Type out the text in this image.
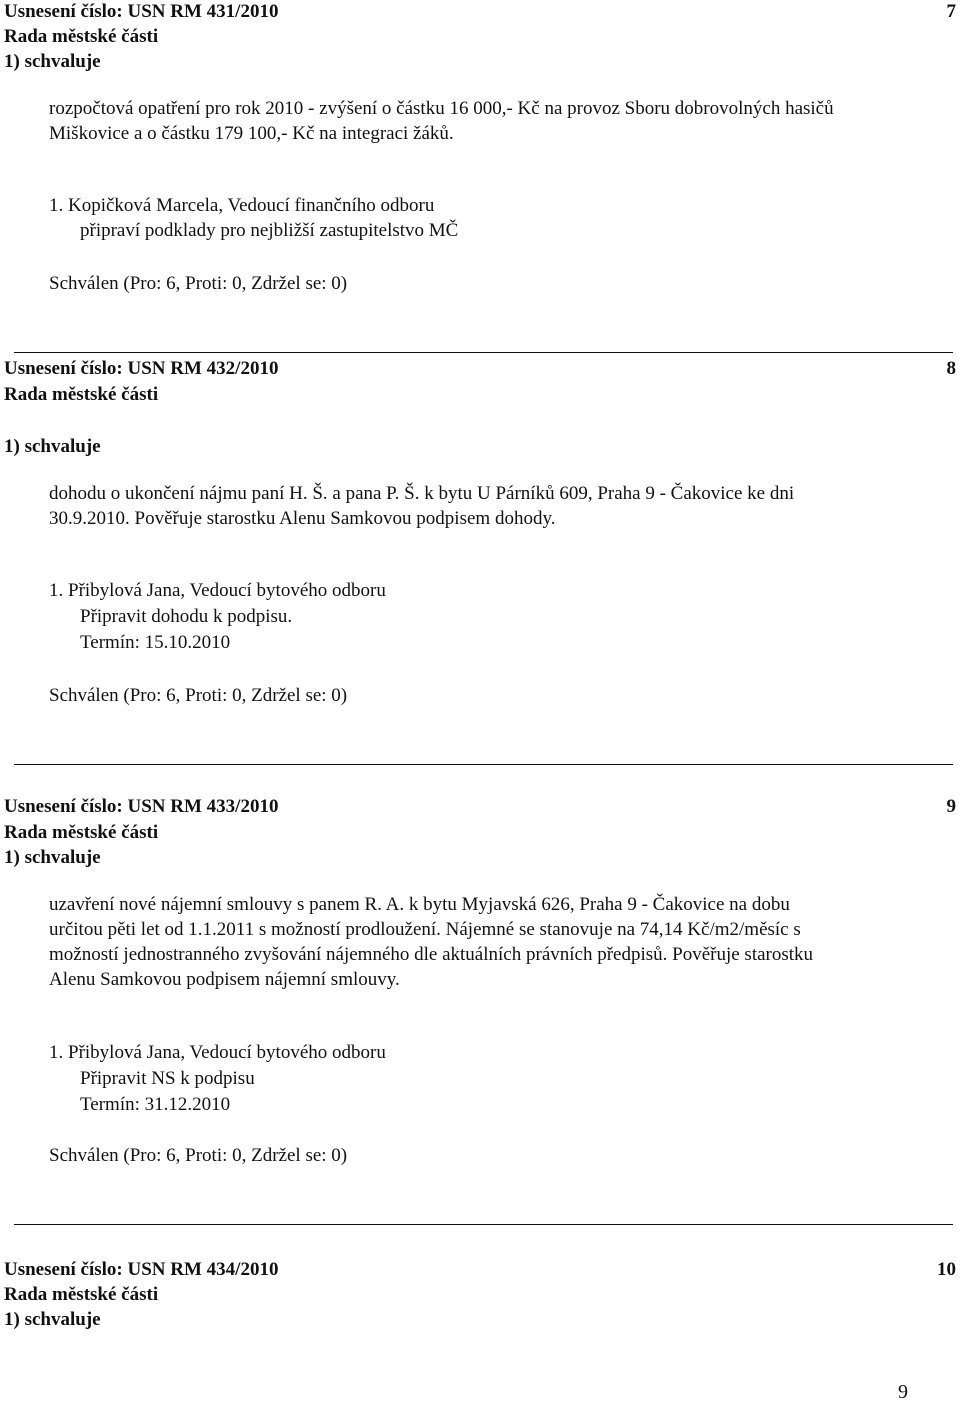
Usnesení číslo: USN RM 431/2010	7
Rada městské části
1) schvaluje
rozpočtová opatření pro rok 2010 - zvýšení o částku 16 000,- Kč na provoz Sboru dobrovolných hasičů
Miškovice a o částku 179 100,- Kč na integraci žáků.
1. Kopičková Marcela, Vedoucí finančního odboru
připraví podklady pro nejbližší zastupitelstvo MČ
Schválen (Pro: 6, Proti: 0, Zdržel se: 0)
Usnesení číslo: USN RM 432/2010	8
Rada městské části
1) schvaluje
dohodu o ukončení nájmu paní H. Š. a pana P. Š. k bytu U Párníků 609, Praha 9 - Čakovice ke dni
30.9.2010. Pověřuje starostku Alenu Samkovou podpisem dohody.
1. Přibylová Jana, Vedoucí bytového odboru
Připravit dohodu k podpisu.
Termín: 15.10.2010
Schválen (Pro: 6, Proti: 0, Zdržel se: 0)
Usnesení číslo: USN RM 433/2010	9
Rada městské části
1) schvaluje
uzavření nové nájemní smlouvy s panem R. A. k bytu Myjavská 626, Praha 9 - Čakovice na dobu
určitou pěti let od 1.1.2011 s možností prodloužení. Nájemné se stanovuje na 74,14 Kč/m2/měsíc s
možností jednostranného zvyšování nájemného dle aktuálních právních předpisů. Pověřuje starostku
Alenu Samkovou podpisem nájemní smlouvy.
1. Přibylová Jana, Vedoucí bytového odboru
Připravit NS k podpisu
Termín: 31.12.2010
Schválen (Pro: 6, Proti: 0, Zdržel se: 0)
Usnesení číslo: USN RM 434/2010	10
Rada městské části
1) schvaluje
9
